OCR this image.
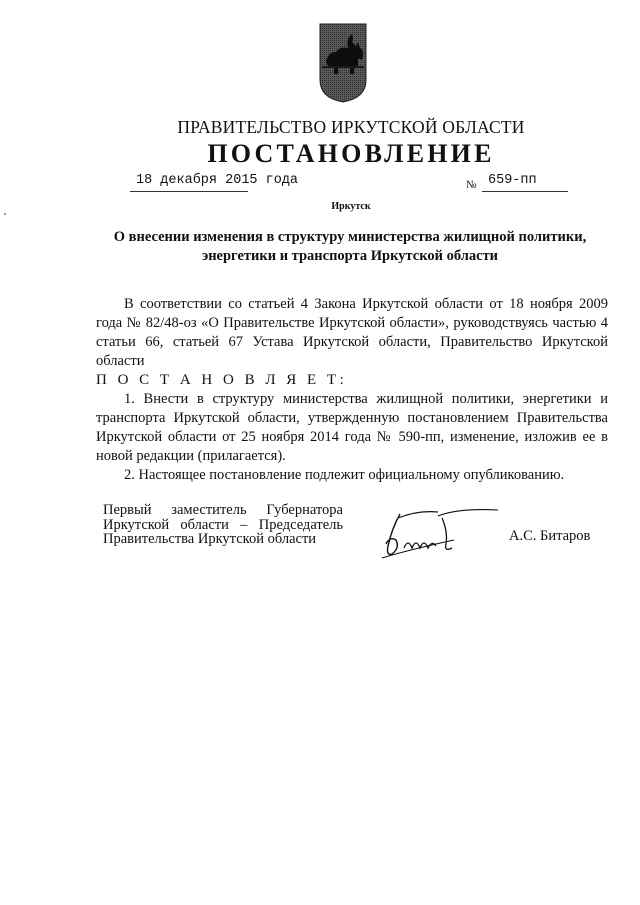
ПРАВИТЕЛЬСТВО ИРКУТСКОЙ ОБЛАСТИ
ПОСТАНОВЛЕНИЕ
18 декабря 2015 года	№ 659-пп
Иркутск
О внесении изменения в структуру министерства жилищной политики,
энергетики и транспорта Иркутской области

В соответствии со статьей 4 Закона Иркутской области от 18 ноября 2009 года № 82/48-оз «О Правительстве Иркутской области», руководствуясь частью 4 статьи 66, статьей 67 Устава Иркутской области, Правительство Иркутской области

П О С Т А Н О В Л Я Е Т:

1. Внести в структуру министерства жилищной политики, энергетики и транспорта Иркутской области, утвержденную постановлением Правительства Иркутской области от 25 ноября 2014 года № 590-пп, изменение, изложив ее в новой редакции (прилагается).

2. Настоящее постановление подлежит официальному опубликованию.

Первый заместитель Губернатора
Иркутской области – Председатель
Правительства Иркутской области	А.С. Битаров
